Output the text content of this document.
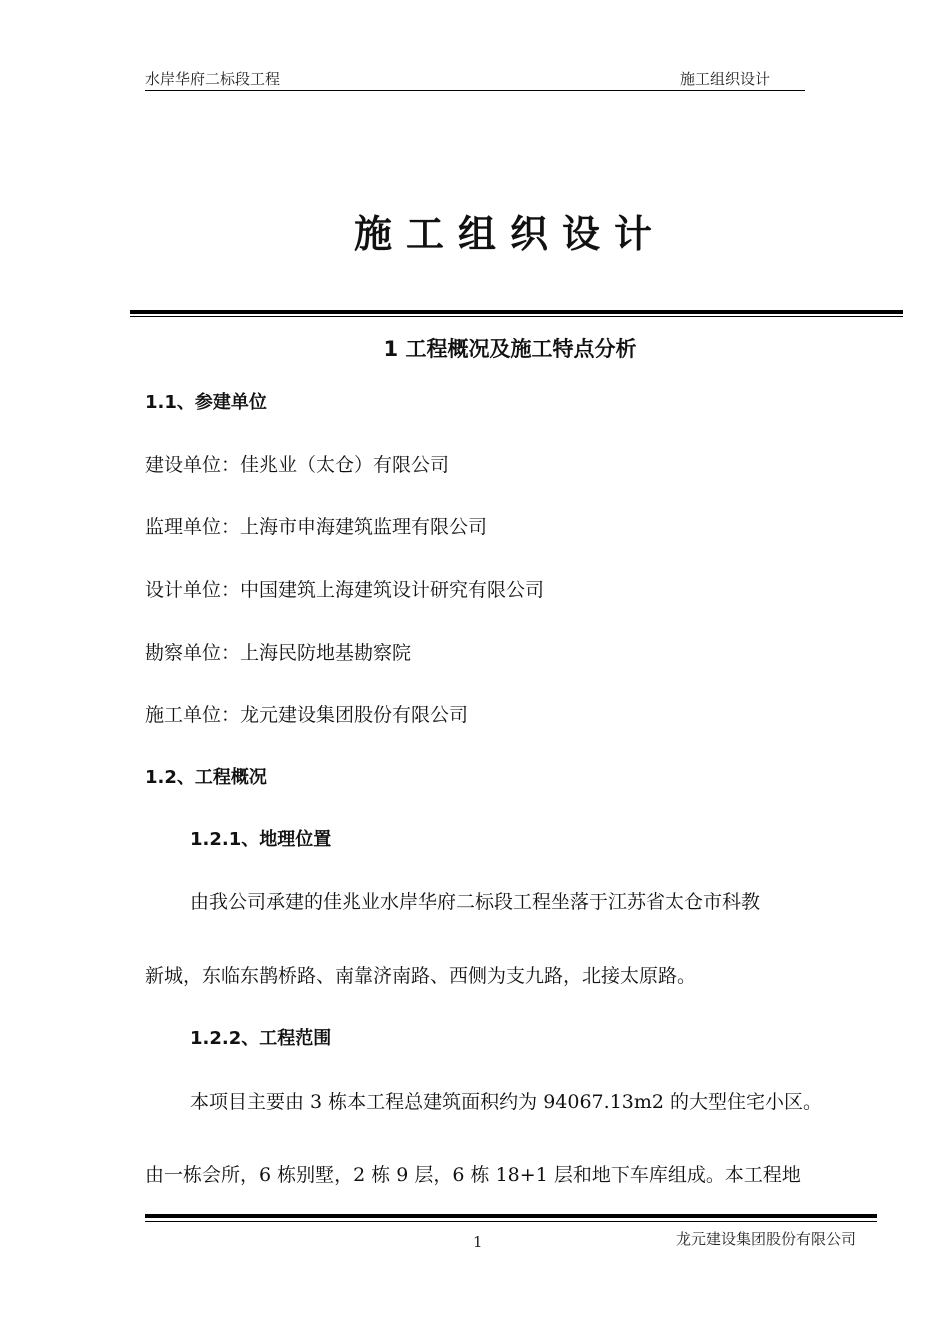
水岸华府二标段工程	施工组织设计
施工组织设计
1 工程概况及施工特点分析
1.1、参建单位
建设单位：佳兆业（太仓）有限公司
监理单位：上海市申海建筑监理有限公司
设计单位：中国建筑上海建筑设计研究有限公司
勘察单位：上海民防地基勘察院
施工单位：龙元建设集团股份有限公司
1.2、工程概况
1.2.1、地理位置
由我公司承建的佳兆业水岸华府二标段工程坐落于江苏省太仓市科教
新城，东临东鹊桥路、南靠济南路、西侧为支九路，北接太原路。
1.2.2、工程范围
本项目主要由 3 栋本工程总建筑面积约为 94067.13m2 的大型住宅小区。
由一栋会所，6 栋别墅，2 栋 9 层，6 栋 18+1 层和地下车库组成。本工程地
1	龙元建设集团股份有限公司
